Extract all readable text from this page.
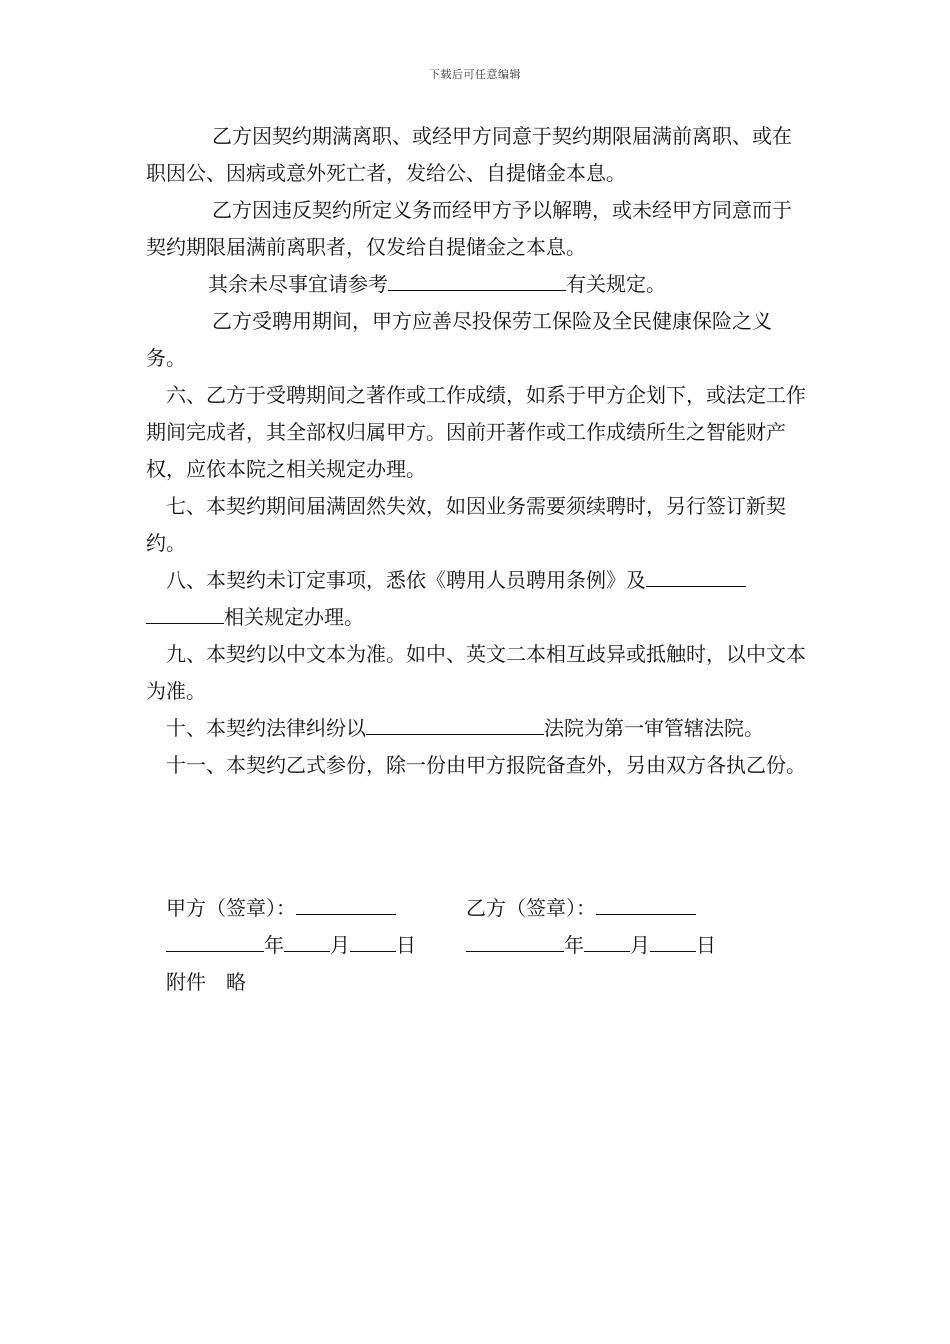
下载后可任意编辑

乙方因契约期满离职、或经甲方同意于契约期限届满前离职、或在职因公、因病或意外死亡者，发给公、自提储金本息。

乙方因违反契约所定义务而经甲方予以解聘，或未经甲方同意而于契约期限届满前离职者，仅发给自提储金之本息。

其余未尽事宜请参考	有关规定。

乙方受聘用期间，甲方应善尽投保劳工保险及全民健康保险之义务。

六、乙方于受聘期间之著作或工作成绩，如系于甲方企划下，或法定工作期间完成者，其全部权归属甲方。因前开著作或工作成绩所生之智能财产权，应依本院之相关规定办理。

七、本契约期间届满固然失效，如因业务需要须续聘时，另行签订新契约。

八、本契约未订定事项，悉依《聘用人员聘用条例》及
相关规定办理。

九、本契约以中文本为准。如中、英文二本相互歧异或抵触时，以中文本为准。

十、本契约法律纠纷以	法院为第一审管辖法院。

十一、本契约乙式参份，除一份由甲方报院备查外，另由双方各执乙份。

甲方（签章）：	乙方（签章）：
年 月 日	年 月 日
附件　略
